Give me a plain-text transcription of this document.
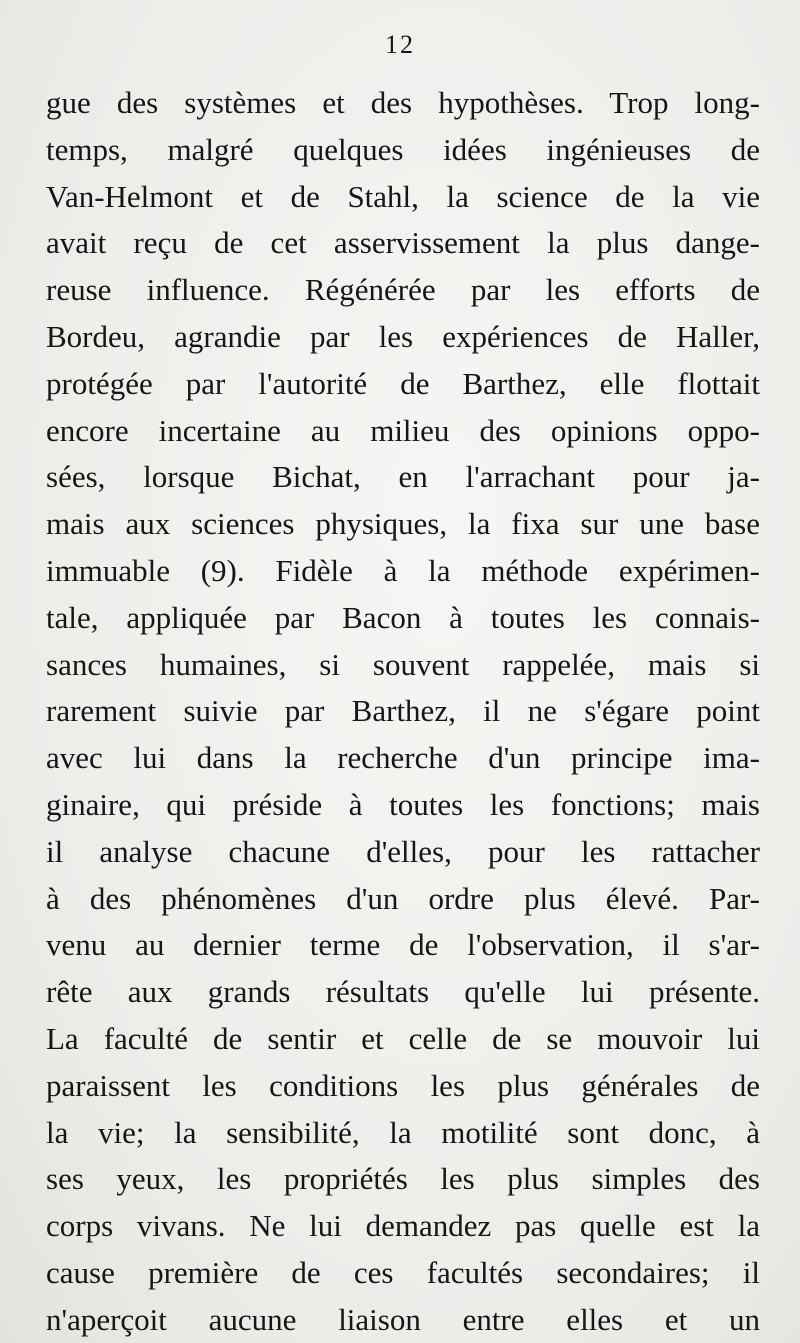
12
gue des systèmes et des hypothèses. Trop long-
temps, malgré quelques idées ingénieuses de
Van-Helmont et de Stahl, la science de la vie
avait reçu de cet asservissement la plus dange-
reuse influence. Régénérée par les efforts de
Bordeu, agrandie par les expériences de Haller,
protégée par l'autorité de Barthez, elle flottait
encore incertaine au milieu des opinions oppo-
sées, lorsque Bichat, en l'arrachant pour ja-
mais aux sciences physiques, la fixa sur une base
immuable (9). Fidèle à la méthode expérimen-
tale, appliquée par Bacon à toutes les connais-
sances humaines, si souvent rappelée, mais si
rarement suivie par Barthez, il ne s'égare point
avec lui dans la recherche d'un principe ima-
ginaire, qui préside à toutes les fonctions; mais
il analyse chacune d'elles, pour les rattacher
à des phénomènes d'un ordre plus élevé. Par-
venu au dernier terme de l'observation, il s'ar-
rête aux grands résultats qu'elle lui présente.
La faculté de sentir et celle de se mouvoir lui
paraissent les conditions les plus générales de
la vie; la sensibilité, la motilité sont donc, à
ses yeux, les propriétés les plus simples des
corps vivans. Ne lui demandez pas quelle est la
cause première de ces facultés secondaires; il
n'aperçoit aucune liaison entre elles et un
